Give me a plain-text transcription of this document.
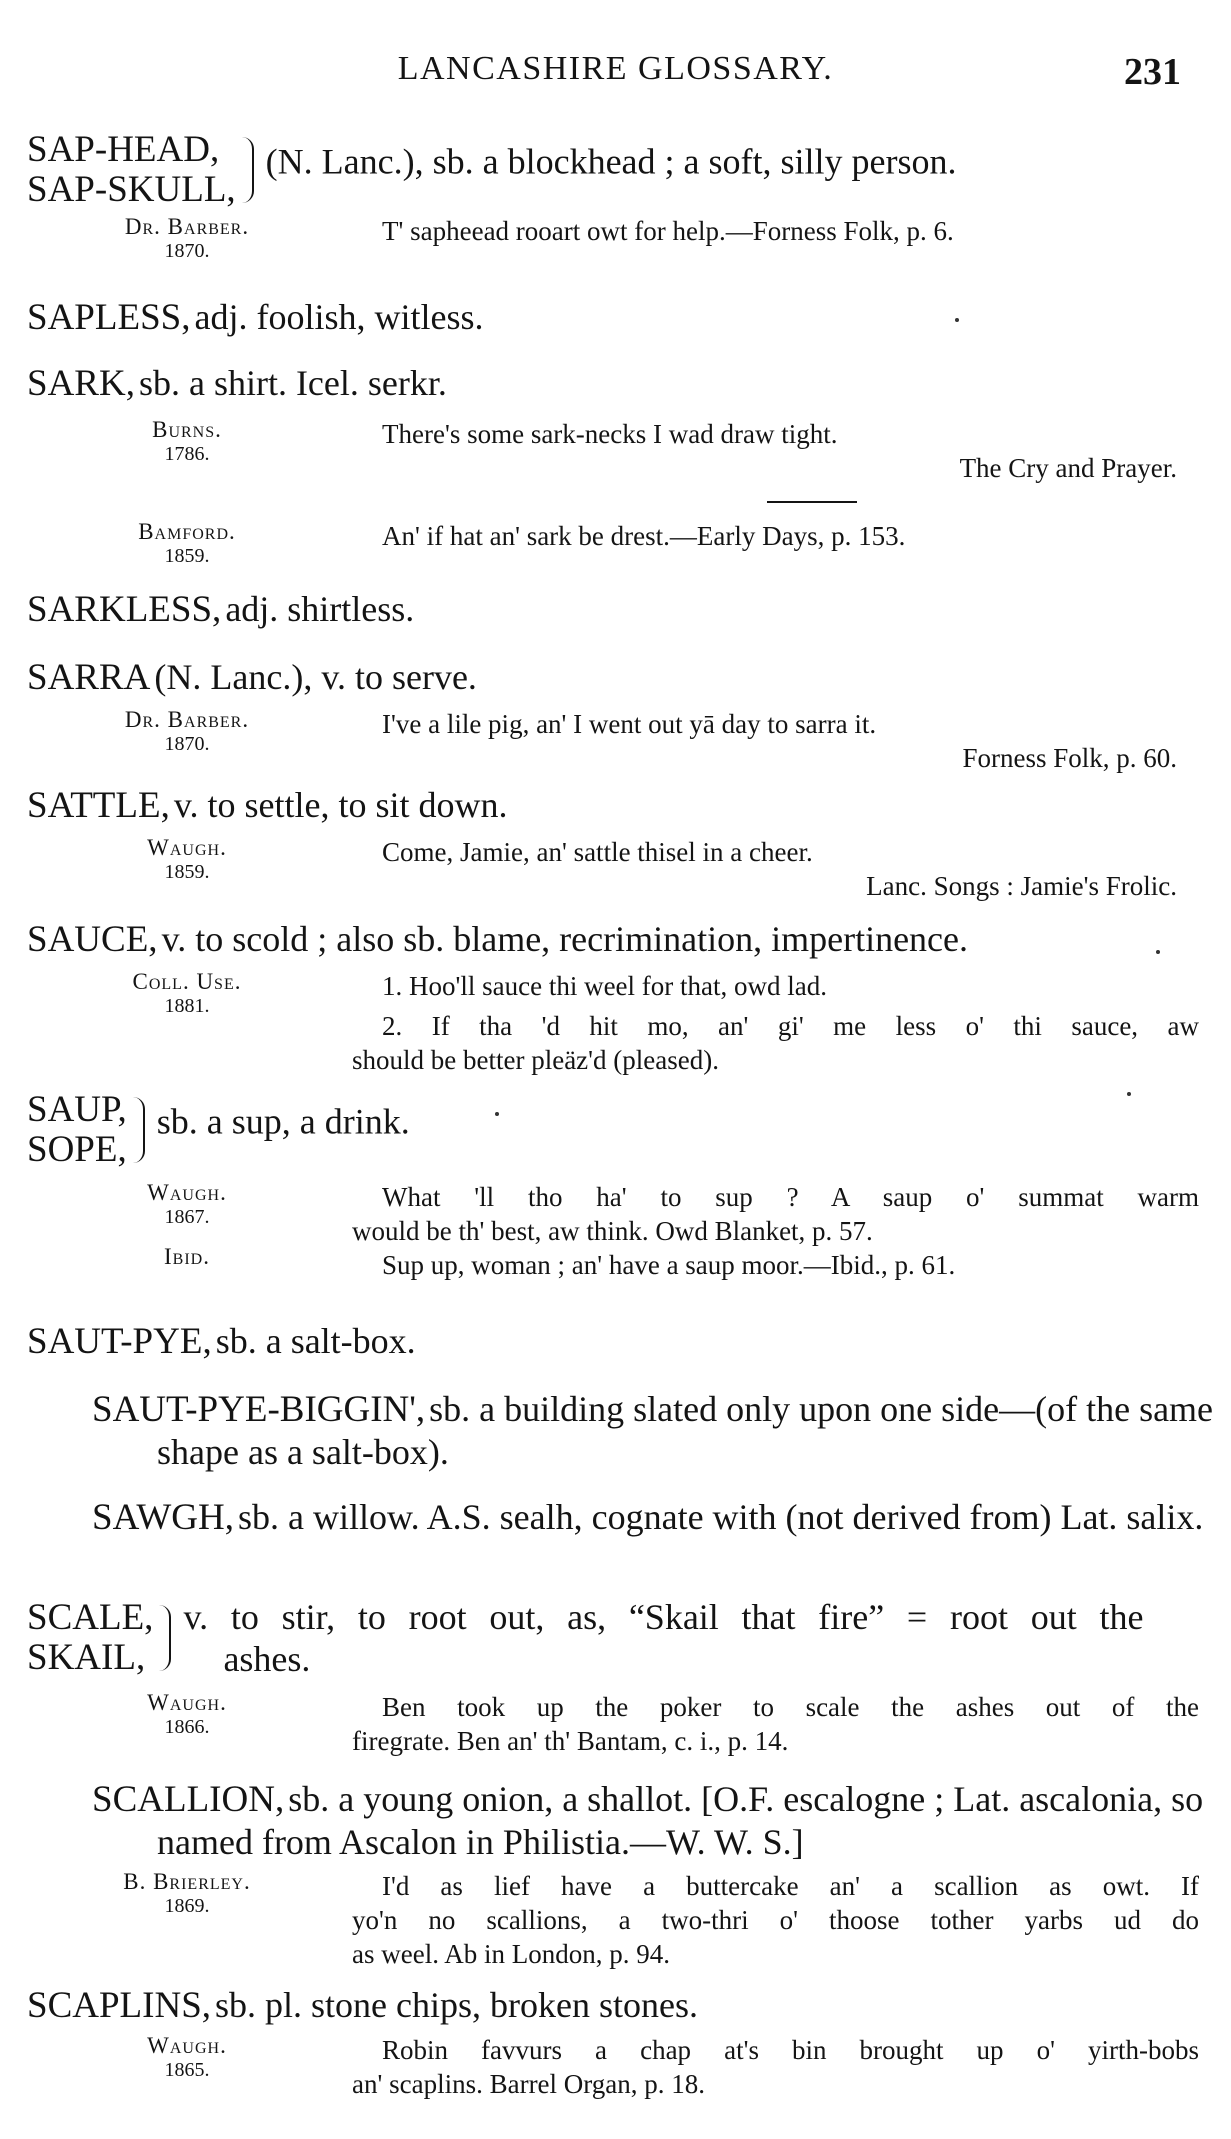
LANCASHIRE GLOSSARY.	231
SAP-HEAD,
SAP-SKULL,(N. Lanc.), sb. a blockhead ; a soft, silly person.
Dr. Barber.
1870.
T' sapheead rooart owt for help.—Forness Folk, p. 6.
SAPLESS, adj. foolish, witless.
SARK, sb. a shirt. Icel. serkr.
Burns.
1786.
There's some sark-necks I wad draw tight.
The Cry and Prayer.
Bamford.
1859.
An' if hat an' sark be drest.—Early Days, p. 153.
SARKLESS, adj. shirtless.
SARRA (N. Lanc.), v. to serve.
Dr. Barber.
1870.
I've a lile pig, an' I went out yā day to sarra it.
Forness Folk, p. 60.
SATTLE, v. to settle, to sit down.
Waugh.
1859.
Come, Jamie, an' sattle thisel in a cheer.
Lanc. Songs : Jamie's Frolic.
SAUCE, v. to scold ; also sb. blame, recrimination, impertinence.
Coll. Use.
1881.
1. Hoo'll sauce thi weel for that, owd lad.
2. If tha 'd hit mo, an' gi' me less o' thi sauce, aw
should be better pleäz'd (pleased).
SAUP,
SOPE,sb. a sup, a drink.
Waugh.
1867.
Ibid.
What 'll tho ha' to sup ? A saup o' summat warm
would be th' best, aw think. Owd Blanket, p. 57.
Sup up, woman ; an' have a saup moor.—Ibid., p. 61.
SAUT-PYE, sb. a salt-box.
SAUT-PYE-BIGGIN', sb. a building slated only upon one side—(of the same shape as a salt-box).
SAWGH, sb. a willow. A.S. sealh, cognate with (not derived from) Lat. salix.
SCALE,
SKAIL,
v. to stir, to root out, as, “Skail that fire” = root out the
ashes.
Waugh.
1866.
Ben took up the poker to scale the ashes out of the
firegrate. Ben an' th' Bantam, c. i., p. 14.
SCALLION, sb. a young onion, a shallot. [O.F. escalogne ; Lat. ascalonia, so named from Ascalon in Philistia.—W. W. S.]
B. Brierley.
1869.
I'd as lief have a buttercake an' a scallion as owt. If
yo'n no scallions, a two-thri o' thoose tother yarbs ud do
as weel. Ab in London, p. 94.
SCAPLINS, sb. pl. stone chips, broken stones.
Waugh.
1865.
Robin favvurs a chap at's bin brought up o' yirth-bobs
an' scaplins. Barrel Organ, p. 18.
